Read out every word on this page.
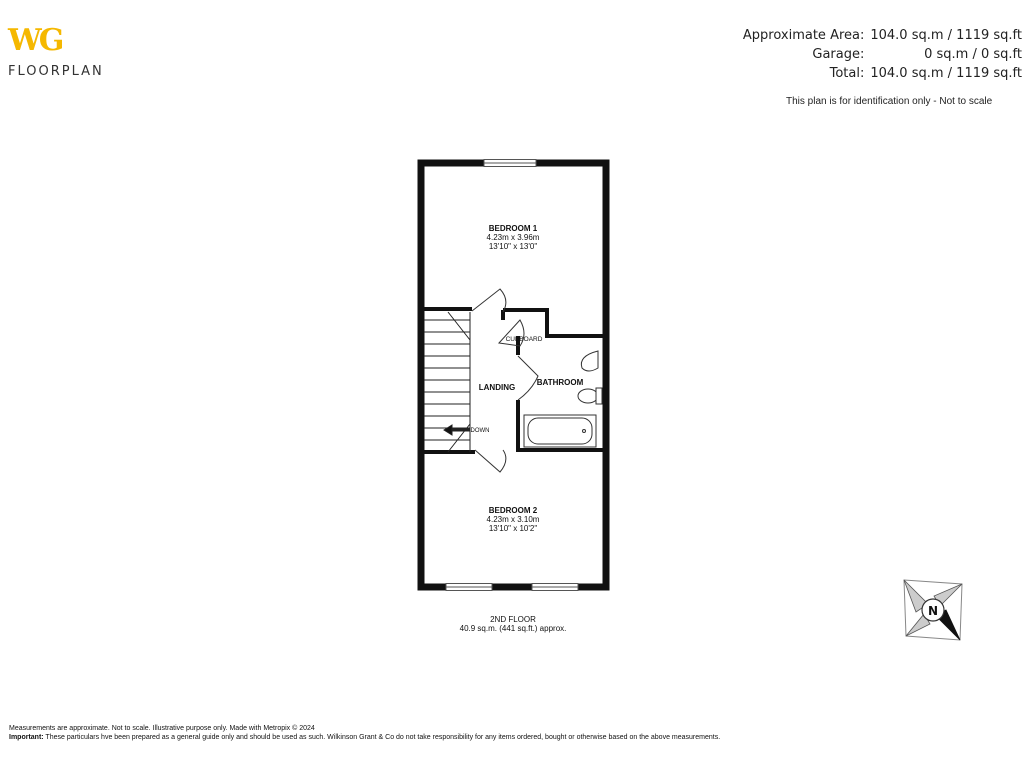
WG
FLOORPLAN
Approximate Area:	104.0 sq.m / 1119 sq.ft
Garage:	0 sq.m / 0 sq.ft
Total:	104.0 sq.m / 1119 sq.ft
This plan is for identification only - Not to scale
N
BEDROOM 1
4.23m x 3.96m
13'10" x 13'0"
CUPBOARD
BATHROOM
LANDING
DOWN
BEDROOM 2
4.23m x 3.10m
13'10" x 10'2"
2ND FLOOR
40.9 sq.m. (441 sq.ft.) approx.
Measurements are approximate. Not to scale. Illustrative purpose only. Made with Metropix © 2024
Important: These particulars hve been prepared as a general guide only and should be used as such. Wilkinson Grant & Co do not take responsibility for any items ordered, bought or otherwise based on the above measurements.
